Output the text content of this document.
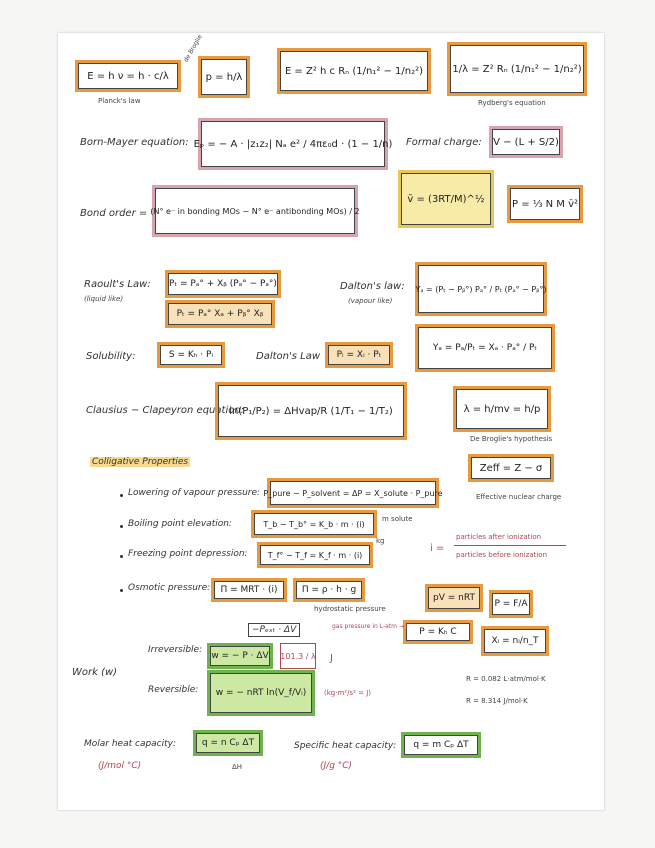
E = h ν = h · c/λ
Planck's law
de Broglie
p = h/λ
E = Z² h c Rₙ (1/n₁² − 1/n₂²)	1/λ = Z² Rₙ (1/n₁² − 1/n₂²)
Rydberg's equation
Born-Mayer equation: Eₚ = − A · |z₁z₂| Nₐ e² / 4πε₀d · (1 − 1/n) Formal charge: V − (L + S/2)
Bond order = (N° e⁻ in bonding MOs − N° e⁻ antibonding MOs) / 2
v̄ = (3RT/M)^½	P = ⅓ N M v̄²
Raoult's Law:
(liquid like)
Pₜ = Pₐ° + Xᵦ (Pₐ° − Pₐ°)
Pₜ = Pₐ° Xₐ + Pᵦ° Xᵦ
Dalton's law:
(vapour like)
Yₐ = (Pₜ − Pᵦ°) Pₐ° / Pₜ (Pₐ° − Pᵦ°)
Yₐ = Pₐ/Pₜ = Xₐ · Pₐ° / Pₜ
Solubility:	S = Kₕ · Pᵢ	Dalton's Law	Pᵢ = Xᵢ · Pₜ
Clausius − Clapeyron equation:
ln(P₁/P₂) = ΔHvap/R (1/T₁ − 1/T₂)	λ = h/mv = h/p
De Broglie's hypothesis
Colligative Properties
Zeff = Z − σ
Effective nuclear charge
Lowering of vapour pressure: P_pure − P_solvent = ΔP = X_solute · P_pure
Boiling point elevation:	T_b − T_b° = K_b · m · (i)
m solute
Freezing point depression:	T_f° − T_f = K_f · m · (i)
kg
i =
particles after ionization
particles before ionization
Osmotic pressure:	Π = MRT · (i)	Π = ρ · h · g
hydrostatic pressure
pV = nRT
P = F/A
P = Kₕ C
Xᵢ = nᵢ/n_T
−Pₑₓₜ · ΔV	gas pressure in L-atm → J
Work (w)
Irreversible:
w = − P · ΔV 101.3 / λ J
Reversible:	w = − nRT ln(V_f/Vᵢ)	(kg·m²/s² = J)
R = 0.082 L·atm/mol·K
R = 8.314 J/mol·K
Molar heat capacity:	q = n Cₚ ΔT
(J/mol °C)	ΔH
Specific heat capacity:	q = m Cₚ ΔT
(J/g °C)
